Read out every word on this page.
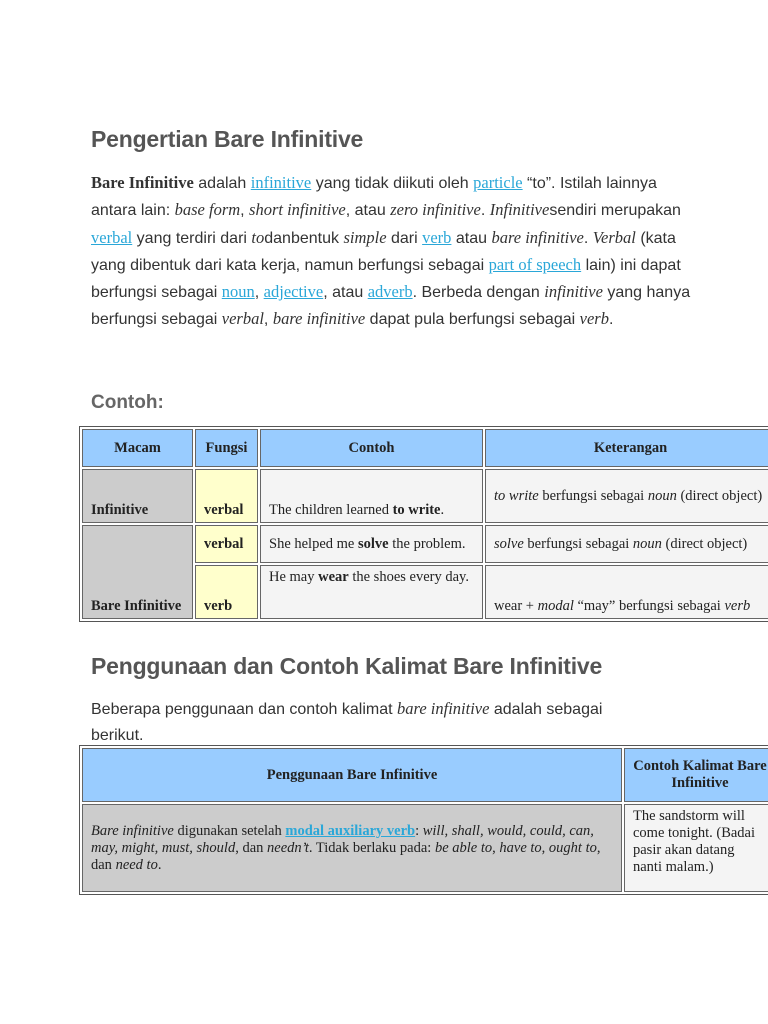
Pengertian Bare Infinitive
Bare Infinitive adalah infinitive yang tidak diikuti oleh particle “to”. Istilah lainnya antara lain: base form, short infinitive, atau zero infinitive. Infinitivesendiri merupakan verbal yang terdiri dari todanbentuk simple dari verb atau bare infinitive. Verbal (kata yang dibentuk dari kata kerja, namun berfungsi sebagai part of speech lain) ini dapat berfungsi sebagai noun, adjective, atau adverb. Berbeda dengan infinitive yang hanya berfungsi sebagai verbal, bare infinitive dapat pula berfungsi sebagai verb.
Contoh:
Macam	Fungsi	Contoh	Keterangan
Infinitive	verbal	The children learned to write.	to write berfungsi sebagai noun (direct object)
Bare Infinitive	verbal	She helped me solve the problem.	solve berfungsi sebagai noun (direct object)
	verb	He may wear the shoes every day.	wear + modal “may” berfungsi sebagai verb
Penggunaan dan Contoh Kalimat Bare Infinitive
Beberapa penggunaan dan contoh kalimat bare infinitive adalah sebagai berikut.
Penggunaan Bare Infinitive	Contoh Kalimat Bare Infinitive
Bare infinitive digunakan setelah modal auxiliary verb: will, shall, would, could, can, may, might, must, should, dan needn’t. Tidak berlaku pada: be able to, have to, ought to, dan need to.	The sandstorm will come tonight. (Badai pasir akan datang nanti malam.)
